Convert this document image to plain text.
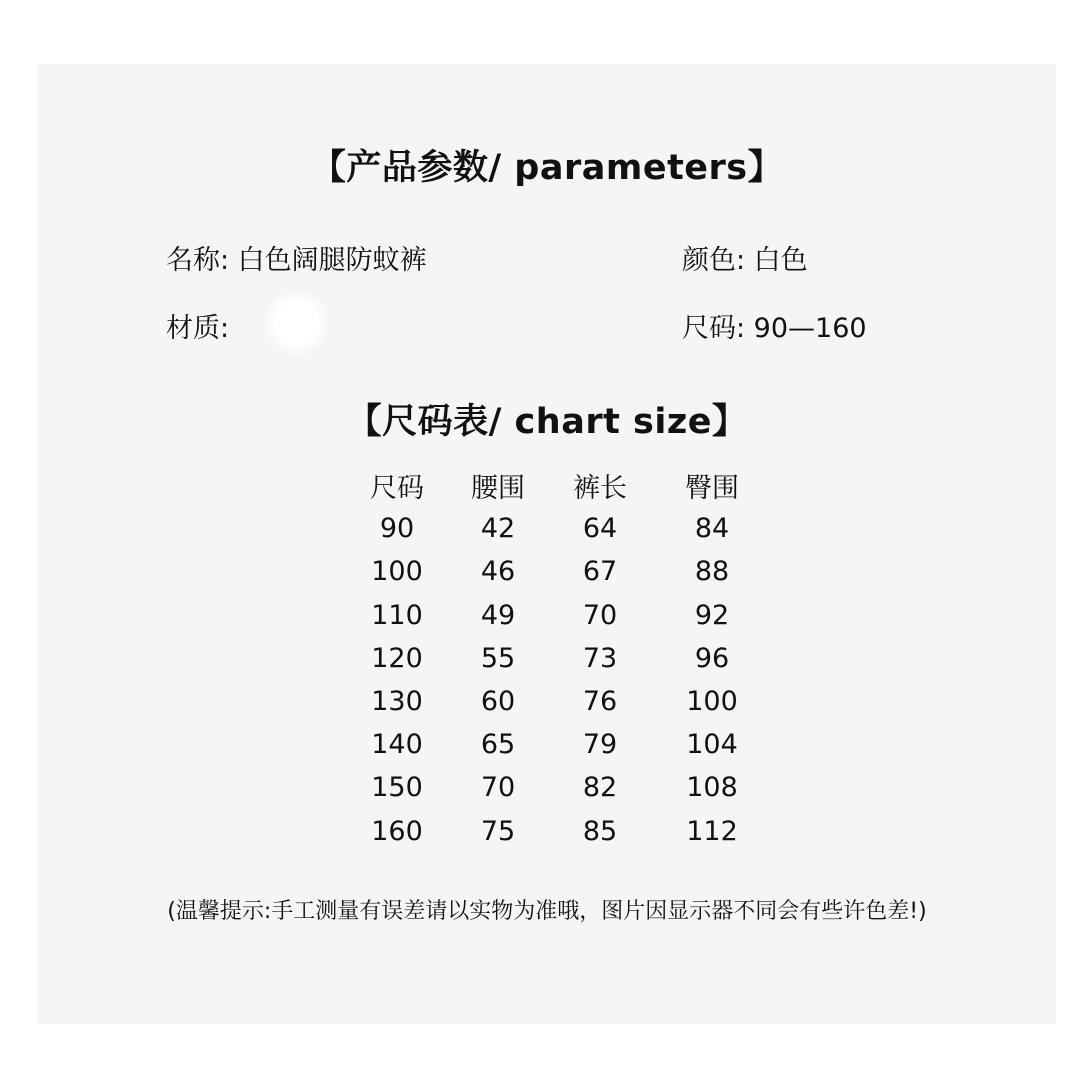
【产品参数/ parameters】
名称: 白色阔腿防蚊裤
材质:
颜色: 白色
尺码: 90—160
【尺码表/ chart size】
尺码	腰围	裤长	臀围
90	42	64	84
100	46	67	88
110	49	70	92
120	55	73	96
130	60	76	100
140	65	79	104
150	70	82	108
160	75	85	112
(温馨提示:手工测量有误差请以实物为准哦，图片因显示器不同会有些许色差!)
